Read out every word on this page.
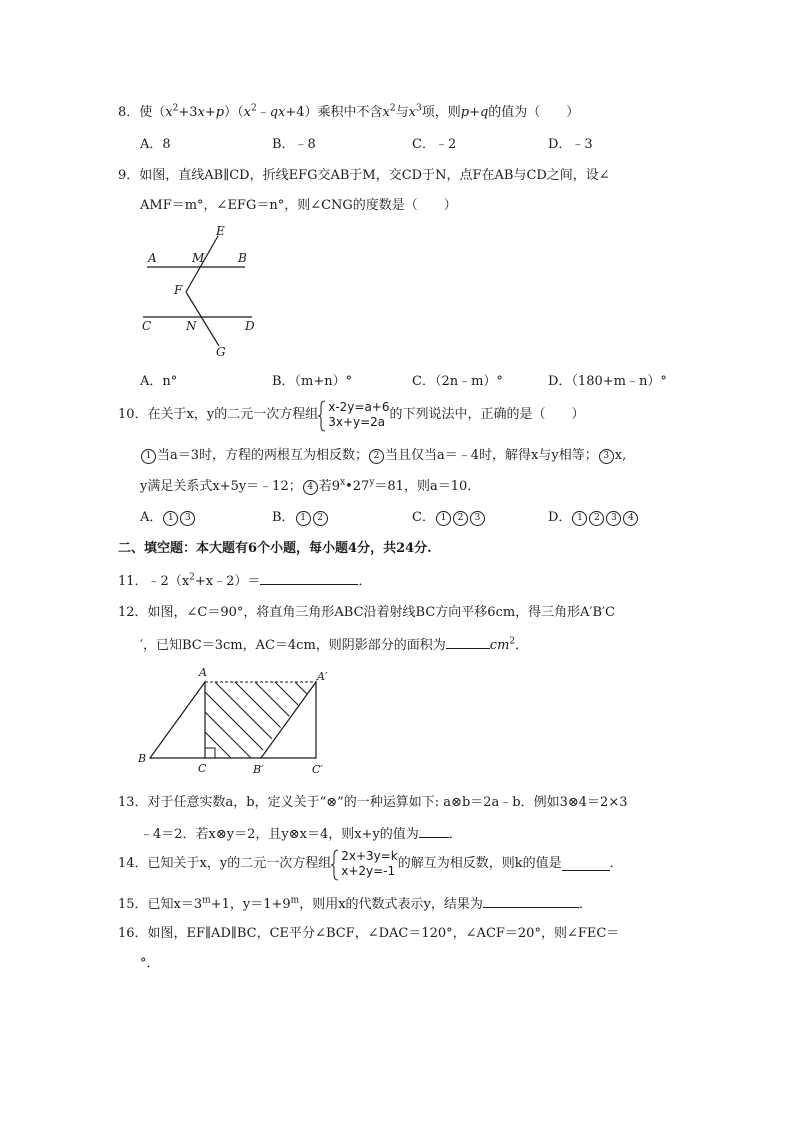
8．使$(x^2+3x+p)(x^2﹣qx+4)$乘积中不含$x^2$与$x^3$项，则p+q的值为（　　）
A．8	B．﹣8	C．﹣2	D．﹣3
9．如图，直线AB∥CD，折线EFG交AB于M，交CD于N，点F在AB与CD之间，设∠
AMF＝m°，∠EFG＝n°，则∠CNG的度数是（　　）
E
A	M	B
F
C	N	D
G
A．n°	B．（m+n）°	C．（2n﹣m）°	D．（180+m﹣n）°
10．在关于x，y的二元一次方程组 x-2y=a+6
3x+y=2a 的下列说法中，正确的是（　　）
1 当a＝3时，方程的两根互为相反数； 2 当且仅当a＝﹣4时，解得x与y相等； 3 x,
y满足关系式x+5y＝﹣12； 4 若$9^x•27^y=81$，则a＝10．
A． 1 3	B． 1 2	C． 1 2 3	D． 1 2 3 4
二、填空题：本大题有6个小题，每小题4分，共24分.
11．$﹣2(x^2+x﹣2)=$	．
12．如图，∠C＝90°，将直角三角形ABC沿着射线BC方向平移6cm，得三角形A′B′C
′，已知BC＝3cm，AC＝4cm，则阴影部分的面积为	$cm^2$．
A	A′
B
C	B′	C′
13．对于任意实数a，b，定义关于“⊗”的一种运算如下: a⊗b＝2a﹣b．例如3⊗4＝2×3
﹣4＝2．若x⊗y＝2，且y⊗x＝4，则x+y的值为 ．
14．已知关于x，y的二元一次方程组 2x+3y=k
x+2y=-1 的解互为相反数，则k的值是	．
15．已知$x=3^m+1$，$y=1+9^m$，则用x的代数式表示y，结果为	．
16．如图，EF∥AD∥BC，CE平分∠BCF，∠DAC＝120°，∠ACF＝20°，则∠FEC＝
°．
